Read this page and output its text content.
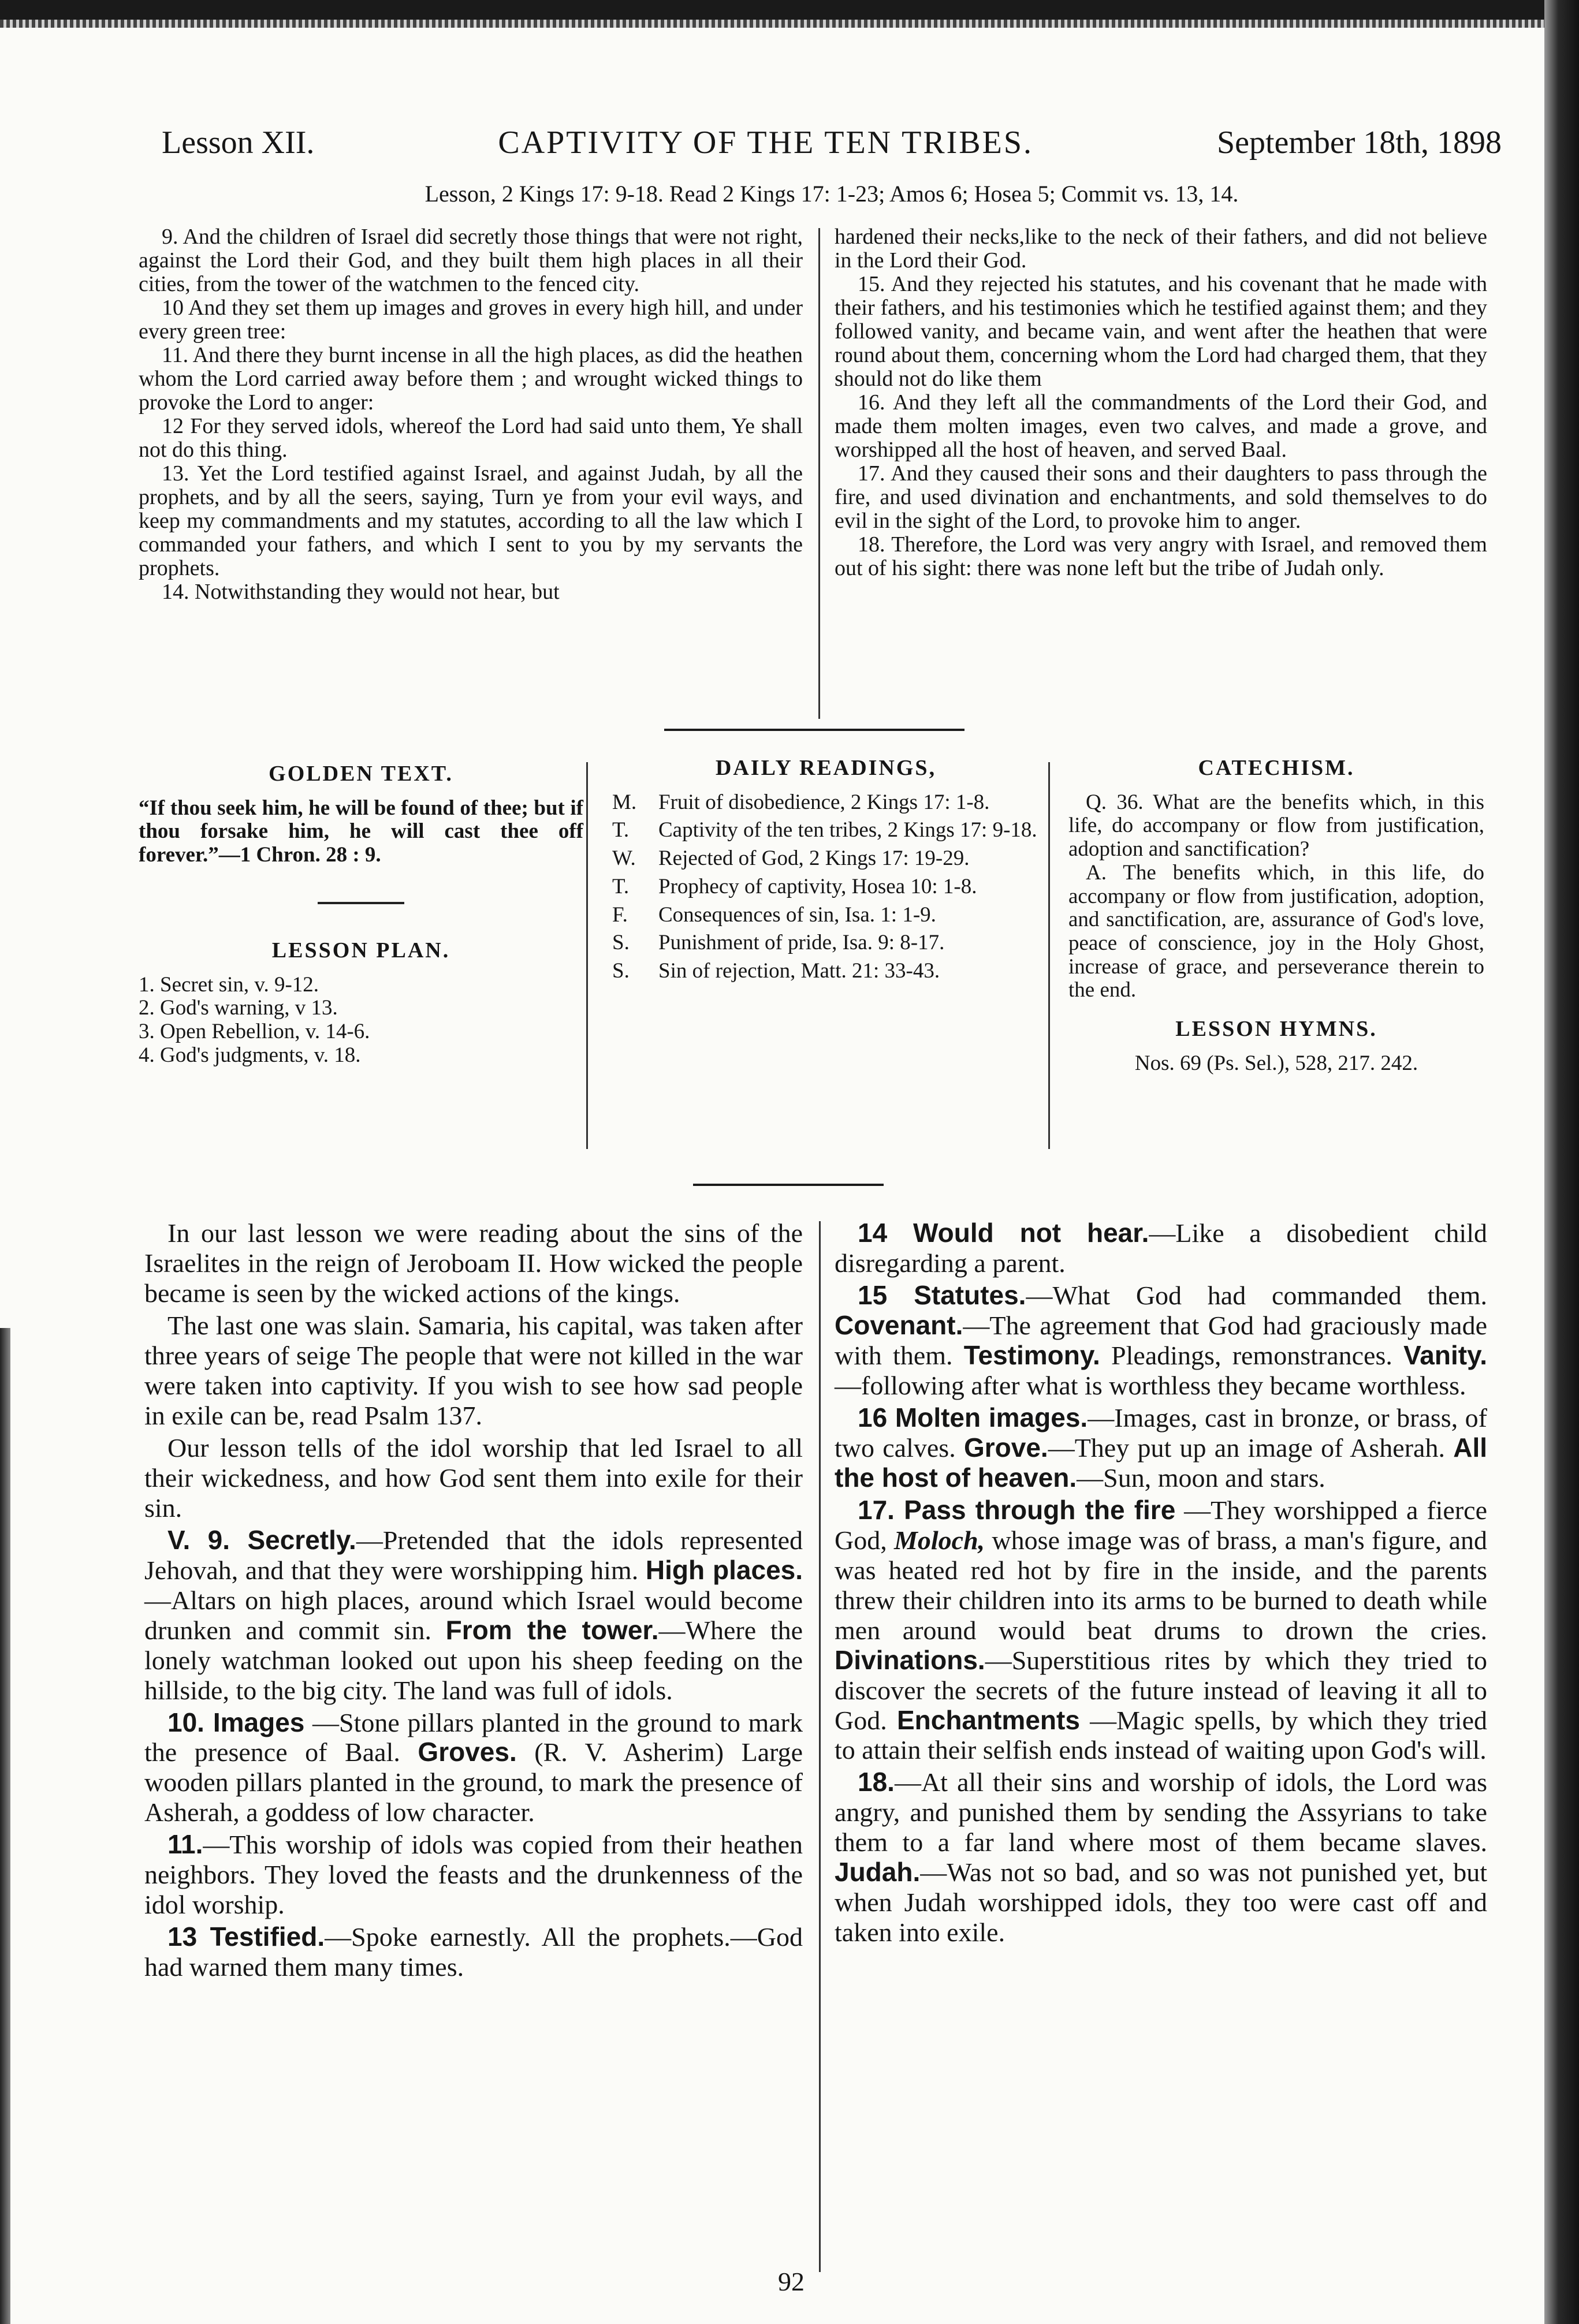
Lesson XII.	CAPTIVITY OF THE TEN TRIBES.	September 18th, 1898
Lesson, 2 Kings 17: 9-18. Read 2 Kings 17: 1-23; Amos 6; Hosea 5; Commit vs. 13, 14.

9. And the children of Israel did secretly those things that were not right, against the Lord their God, and they built them high places in all their cities, from the tower of the watchmen to the fenced city.

10 And they set them up images and groves in every high hill, and under every green tree:

11. And there they burnt incense in all the high places, as did the heathen whom the Lord carried away before them ; and wrought wicked things to provoke the Lord to anger:

12 For they served idols, whereof the Lord had said unto them, Ye shall not do this thing.

13. Yet the Lord testified against Israel, and against Judah, by all the prophets, and by all the seers, saying, Turn ye from your evil ways, and keep my commandments and my statutes, according to all the law which I commanded your fathers, and which I sent to you by my servants the prophets.

14. Notwithstanding they would not hear, but

hardened their necks,like to the neck of their fathers, and did not believe in the Lord their God.

15. And they rejected his statutes, and his covenant that he made with their fathers, and his testimonies which he testified against them; and they followed vanity, and became vain, and went after the heathen that were round about them, concerning whom the Lord had charged them, that they should not do like them

16. And they left all the commandments of the Lord their God, and made them molten images, even two calves, and made a grove, and worshipped all the host of heaven, and served Baal.

17. And they caused their sons and their daughters to pass through the fire, and used divination and enchantments, and sold themselves to do evil in the sight of the Lord, to provoke him to anger.

18. Therefore, the Lord was very angry with Israel, and removed them out of his sight: there was none left but the tribe of Judah only.

GOLDEN TEXT.
“If thou seek him, he will be found of thee; but if thou forsake him, he will cast thee off forever.”—1 Chron. 28 : 9.
LESSON PLAN.
1. Secret sin, v. 9-12.
2. God's warning, v 13.
3. Open Rebellion, v. 14-6.
4. God's judgments, v. 18.
DAILY READINGS,
M.	Fruit of disobedience, 2 Kings 17: 1-8.
T.	Captivity of the ten tribes, 2 Kings 17: 9-18.
W.	Rejected of God, 2 Kings 17: 19-29.
T.	Prophecy of captivity, Hosea 10: 1-8.
F.	Consequences of sin, Isa. 1: 1-9.
S.	Punishment of pride, Isa. 9: 8-17.
S.	Sin of rejection, Matt. 21: 33-43.
CATECHISM.

Q. 36. What are the benefits which, in this life, do accompany or flow from justification, adoption and sanctification?

A. The benefits which, in this life, do accompany or flow from justification, adoption, and sanctification, are, assurance of God's love, peace of conscience, joy in the Holy Ghost, increase of grace, and perseverance therein to the end.

LESSON HYMNS.
Nos. 69 (Ps. Sel.), 528, 217. 242.

In our last lesson we were reading about the sins of the Israelites in the reign of Jeroboam II. How wicked the people became is seen by the wicked actions of the kings.

The last one was slain. Samaria, his capital, was taken after three years of seige The people that were not killed in the war were taken into captivity. If you wish to see how sad people in exile can be, read Psalm 137.

Our lesson tells of the idol worship that led Israel to all their wickedness, and how God sent them into exile for their sin.

V. 9. Secretly.—Pretended that the idols represented Jehovah, and that they were worshipping him. High places.—Altars on high places, around which Israel would become drunken and commit sin. From the tower.—Where the lonely watchman looked out upon his sheep feeding on the hillside, to the big city. The land was full of idols.

10. Images —Stone pillars planted in the ground to mark the presence of Baal. Groves. (R. V. Asherim) Large wooden pillars planted in the ground, to mark the presence of Asherah, a goddess of low character.

11.—This worship of idols was copied from their heathen neighbors. They loved the feasts and the drunkenness of the idol worship.

13 Testified.—Spoke earnestly. All the prophets.—God had warned them many times.

14 Would not hear.—Like a disobedient child disregarding a parent.

15 Statutes.—What God had commanded them. Covenant.—The agreement that God had graciously made with them. Testimony. Pleadings, remonstrances. Vanity.—following after what is worthless they became worthless.

16 Molten images.—Images, cast in bronze, or brass, of two calves. Grove.—They put up an image of Asherah. All the host of heaven.—Sun, moon and stars.

17. Pass through the fire —They worshipped a fierce God, Moloch, whose image was of brass, a man's figure, and was heated red hot by fire in the inside, and the parents threw their children into its arms to be burned to death while men around would beat drums to drown the cries. Divinations.—Superstitious rites by which they tried to discover the secrets of the future instead of leaving it all to God. Enchantments —Magic spells, by which they tried to attain their selfish ends instead of waiting upon God's will.

18.—At all their sins and worship of idols, the Lord was angry, and punished them by sending the Assyrians to take them to a far land where most of them became slaves. Judah.—Was not so bad, and so was not punished yet, but when Judah worshipped idols, they too were cast off and taken into exile.

92
